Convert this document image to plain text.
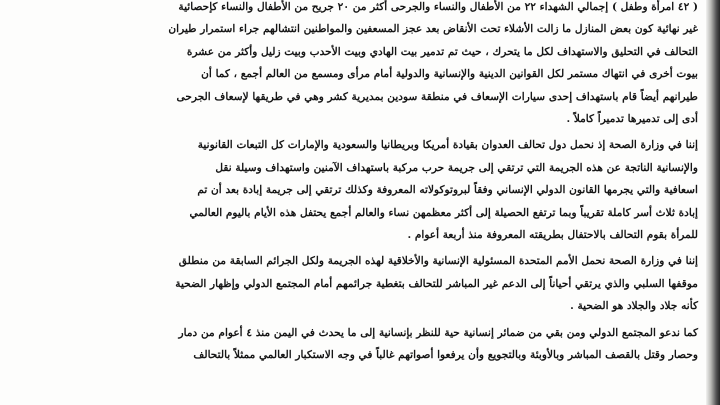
( ٤٢ امرأة وطفل ) إجمالي الشهداء ٢٢ من الأطفال والنساء والجرحى أكثر من ٢٠ جريح من الأطفال والنساء كإحصائية
غير نهائية كون بعض المنازل ما زالت الأشلاء تحت الأنقاض بعد عجز المسعفين والمواطنين انتشالهم جراء استمرار طيران
التحالف في التحليق والاستهداف لكل ما يتحرك ، حيث تم تدمير بيت الهادي وبيت الأحدب وبيت زليل وأكثر من عشرة
بيوت أخرى في انتهاك مستمر لكل القوانين الدينية والإنسانية والدولية أمام مرأى ومسمع من العالم أجمع ، كما أن
طيرانهم أيضاً قام باستهداف إحدى سيارات الإسعاف في منطقة سودين بمديرية كشر وهي في طريقها لإسعاف الجرحى
أدى إلى تدميرها تدميراً كاملاً .

إننا في وزارة الصحة إذ نحمل دول تحالف العدوان بقيادة أمريكا وبريطانيا والسعودية والإمارات كل التبعات القانونية
والإنسانية الناتجة عن هذه الجريمة التي ترتقي إلى جريمة حرب مركبة باستهداف الآمنين واستهداف وسيلة نقل
اسعافية والتي يجرمها القانون الدولي الإنساني وفقاً لبروتوكولاته المعروفة وكذلك ترتقي إلى جريمة إبادة بعد أن تم
إبادة ثلاث أسر كاملة تقريباً وبما ترتفع الحصيلة إلى أكثر معظمهن نساء والعالم أجمع يحتفل هذه الأيام باليوم العالمي
للمرأة بقوم التحالف بالاحتفال بطريقته المعروفة منذ أربعة أعوام .

إننا في وزارة الصحة نحمل الأمم المتحدة المسئولية الإنسانية والأخلاقية لهذه الجريمة ولكل الجرائم السابقة من منطلق
موقفها السلبي والذي يرتقي أحياناً إلى الدعم غير المباشر للتحالف بتغطية جرائمهم أمام المجتمع الدولي وإظهار الضحية
كأنه جلاد والجلاد هو الضحية .

كما ندعو المجتمع الدولي ومن بقي من ضمائر إنسانية حية للنظر بإنسانية إلى ما يحدث في اليمن منذ ٤ أعوام من دمار
وحصار وقتل بالقصف المباشر وبالأوبئة وبالتجويع وأن يرفعوا أصواتهم غالباً في وجه الاستكبار العالمي ممثلاً بالتحالف
